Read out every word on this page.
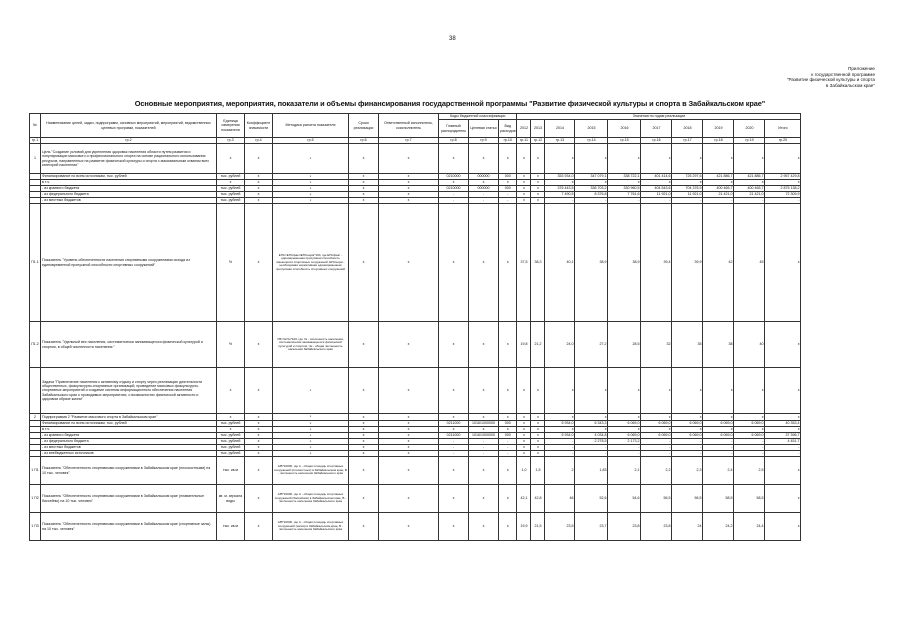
38
Приложение
к государственной программе
"Развитие физической культуры и спорта
в Забайкальском крае"
Основные мероприятия, мероприятия, показатели и объемы финансирования государственной программы "Развитие физической культуры и спорта в Забайкальском крае"
№	Наименование целей, задач, подпрограмм, основных мероприятий, мероприятий, ведомственных целевых программ, показателей	Единица измерения показателя	Коэффициент значимости	Методика расчета показателя	Сроки реализации	Ответственный исполнитель, соисполнитель	Коды бюджетной классификации			Значения по годам реализации									
							Главный распорядитель	Целевая статья	Вид расходов	2012	2013	2014	2015	2016	2017	2018	2019	2020	Итого

гр.1	гр.2	гр.3	гр.4	гр.5	гр.6	гр.7	гр.8	гр.9	гр.10	гр.11	гр.12	гр.13	гр.14	гр.15	гр.16	гр.17	гр.18	гр.19	гр.20
1	Цель "Создание условий для укрепления здоровья населения области путем развития и популяризации массового и профессионального спорта на основе рационального использования ресурсов, направленных на развитие физической культуры и спорта с максимальным охватом всех категорий населения"	х	х	х	х	х	х	х	х	х	х	х	х	х	х	х	х	х	х
	Финансирование по всем источникам, тыс. рублей	тыс. рублей	х	х	х	х	0210000	000000	000	х	х	353 934,0	347 079,1	338 722,1	401 414,6	725 297,6	421 886,7	421 886,7	2 957 429,8
	в т.ч.	х	х	х	х	х	х	х	х	х	х	х	х	х	х	х	х	х	х
	- из краевого бюджета	тыс. рублей	х	х	х	х	0210000	000000	000	х	х	376 443,5	336 703,2	330 960,5	404 543,6	704 376,9	400 465,7	400 465,7	2 875 138,2
	- из федерального бюджета	тыс. рублей	х	х	х	х	-	-	-	х	х	7 490,5	8 376,8	7 761,6	11 921,0	11 921,0	21 421,0	21 421,0	72 309,9
	- из местных бюджетов	тыс. рублей	х	х	х	х	-	-	-	х	х	-	-	-	-	-	-	-	-
П1.1	Показатель "Уровень обеспеченности населения спортивными сооружениями исходя из единовременной пропускной способности спортивных сооружений"	%	х	ЕПС=ЕПСфакт/ЕПСнорм*100, где ЕПСфакт - единовременная пропускная способность имеющихся спортивных сооружений, ЕПСнорм - необходимая нормативная единовременная пропускная способность спортивных сооружений	х	х	х	х	х	37,5	38,3	40,1	38,9	38,9	39,4	39,9	42	45	х
П1.2	Показатель "Удельный вес населения, систематически занимающегося физической культурой и спортом, в общей численности населения "	%	х	УВ=Чз/Чн*100, где Чз - численность населения, систематически занимающегося физической культурой и спортом, Чн - общая численность населения Забайкальского края	х	х	х	х	х	19,8	21,2	24,0	27,2	28,5	32	35	38	40	х
	Задача "Привлечение населения к активному отдыху и спорту через реализацию деятельности общественных, физкультурно-спортивных организаций, проведение массовых физкультурно-спортивных мероприятий и создание системы информационного обеспечения населения Забайкальского края о проводимых мероприятиях, о возможностях физической активности и здоровом образе жизни"	х	х	х	х	х	х	х	х	х	х	х	х	х	х	х	х	х	х
2	Подпрограмма 2 "Развитие массового спорта в Забайкальском крае"	х	х	х	х	х	х	х	х	х	х	х	х	х	х	х	х	х	х
	Финансирование по всем источникам, тыс. рублей	тыс. рублей	х	х	х	х	0211000	1016/1000000	000	х	х	5 934,0	6 343,3	6 069,0	6 069,0	6 069,0	6 069,0	6 069,0	40 353,4
	в т.ч.	х	х	х	х	х	х	х	х	х	х	х	х	х	х	х	х	х	х
	- из краевого бюджета	тыс. рублей	х	х	х	х	0211000	1016/1000000	000	х	х	5 934,0	4 034,8	6 069,0	6 069,0	6 069,0	6 069,0	6 069,0	37 396,7
	- из федерального бюджета	тыс. рублей	х	х	х	х	-	-	-	х	х	-	2 278,5	2 173,2	-	-	-	-	4 451,7
	- из местных бюджетов	тыс. рублей	х	х	х	х	-	-	-	х	х	-	-	-	-	-	-	-	-
	- из внебюджетных источников	тыс. рублей	х	х	х	х	-	-	-	х	х	-	-	-	-	-	-	-	-
1 П1	Показатель "Обеспеченность спортивными сооружениями в Забайкальском крае (плоскостными) на 10 тыс. человек"	тыс. кв.м	х	А/В*10000, где А - общая площадь спортивных сооружений (плоскостных) в Забайкальском крае, В - численность населения Забайкальского края	х	х	х	х	х	1,0	1,5	2	1,83	2,1	2,2	2,3	2,4	2,5	х
1 П2	Показатель "Обеспеченность спортивными сооружениями в Забайкальском крае (плавательные бассейны) на 10 тыс. человек"	кв. м. зеркала воды	х	А/В*10000, где А - общая площадь спортивных сооружений (бассейнов) в Забайкальском крае, В - численность населения Забайкальского края	х	х	х	х	х	42,1	42,8	46	52,6	54,6	56,5	56,5	58,5	58,5	х
1 П3	Показатель "Обеспеченность спортивными сооружениями в Забайкальском крае (спортивные залы) на 10 тыс. человек"	тыс. кв.м	х	А/В*10000, где А - общая площадь спортивных сооружений (залов) в Забайкальском крае, В - численность населения Забайкальского края	х	х	х	х	х	19,9	21,5	23,5	23,7	23,8	23,8	24	24,2	24,4	х
